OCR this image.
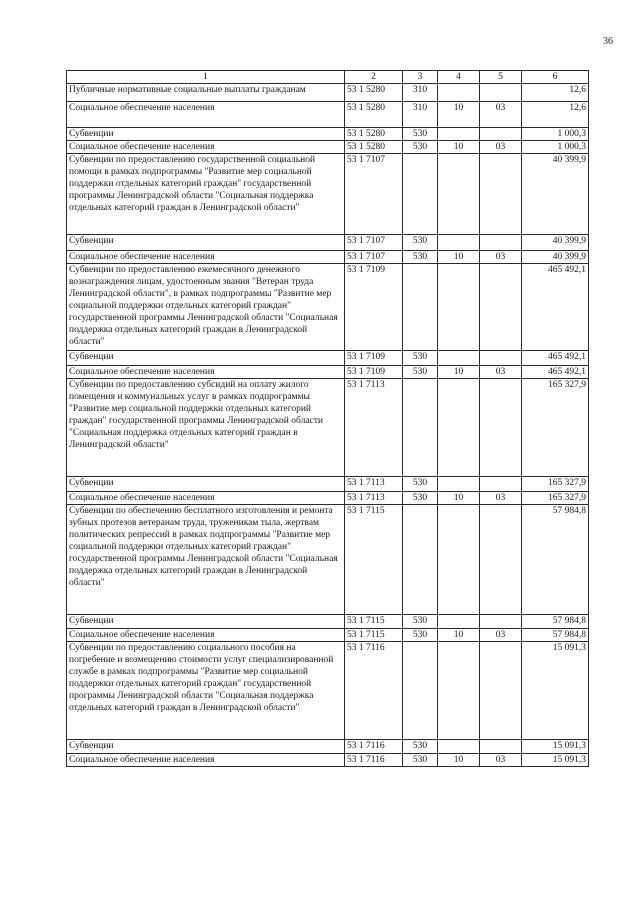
36
1	2	3	4	5	6
Публичные нормативные социальные выплаты гражданам	53 1 5280	310			12,6
Социальное обеспечение населения	53 1 5280	310	10	03	12,6
Субвенции	53 1 5280	530			1 000,3
Социальное обеспечение населения	53 1 5280	530	10	03	1 000,3
Субвенции по предоставлению государственной социальной помощи в рамках подпрограммы "Развитие мер социальной поддержки отдельных категорий граждан" государственной программы Ленинградской области "Социальная поддержка отдельных категорий граждан в Ленинградской области"	53 1 7107				40 399,9
Субвенции	53 1 7107	530			40 399,9
Социальное обеспечение населения	53 1 7107	530	10	03	40 399,9
Субвенции по предоставлению ежемесячного денежного вознаграждения лицам, удостоенным звания "Ветеран труда Ленинградской области", в рамках подпрограммы "Развитие мер социальной поддержки отдельных категорий граждан" государственной программы Ленинградской области "Социальная поддержка отдельных категорий граждан в Ленинградской области"	53 1 7109				465 492,1
Субвенции	53 1 7109	530			465 492,1
Социальное обеспечение населения	53 1 7109	530	10	03	465 492,1
Субвенции по предоставлению субсидий на оплату жилого помещения и коммунальных услуг в рамках подпрограммы "Развитие мер социальной поддержки отдельных категорий граждан" государственной программы Ленинградской области "Социальная поддержка отдельных категорий граждан в Ленинградской области"	53 1 7113				165 327,9
Субвенции	53 1 7113	530			165 327,9
Социальное обеспечение населения	53 1 7113	530	10	03	165 327,9
Субвенции по обеспечению бесплатного изготовления и ремонта зубных протезов ветеранам труда, труженикам тыла, жертвам политических репрессий в рамках подпрограммы "Развитие мер социальной поддержки отдельных категорий граждан" государственной программы Ленинградской области "Социальная поддержка отдельных категорий граждан в Ленинградской области"	53 1 7115				57 984,8
Субвенции	53 1 7115	530			57 984,8
Социальное обеспечение населения	53 1 7115	530	10	03	57 984,8
Субвенции по предоставлению социального пособия на погребение и возмещению стоимости услуг специализированной службе в рамках подпрограммы "Развитие мер социальной поддержки отдельных категорий граждан" государственной программы Ленинградской области "Социальная поддержка отдельных категорий граждан в Ленинградской области"	53 1 7116				15 091,3
Субвенции	53 1 7116	530			15 091,3
Социальное обеспечение населения	53 1 7116	530	10	03	15 091,3
